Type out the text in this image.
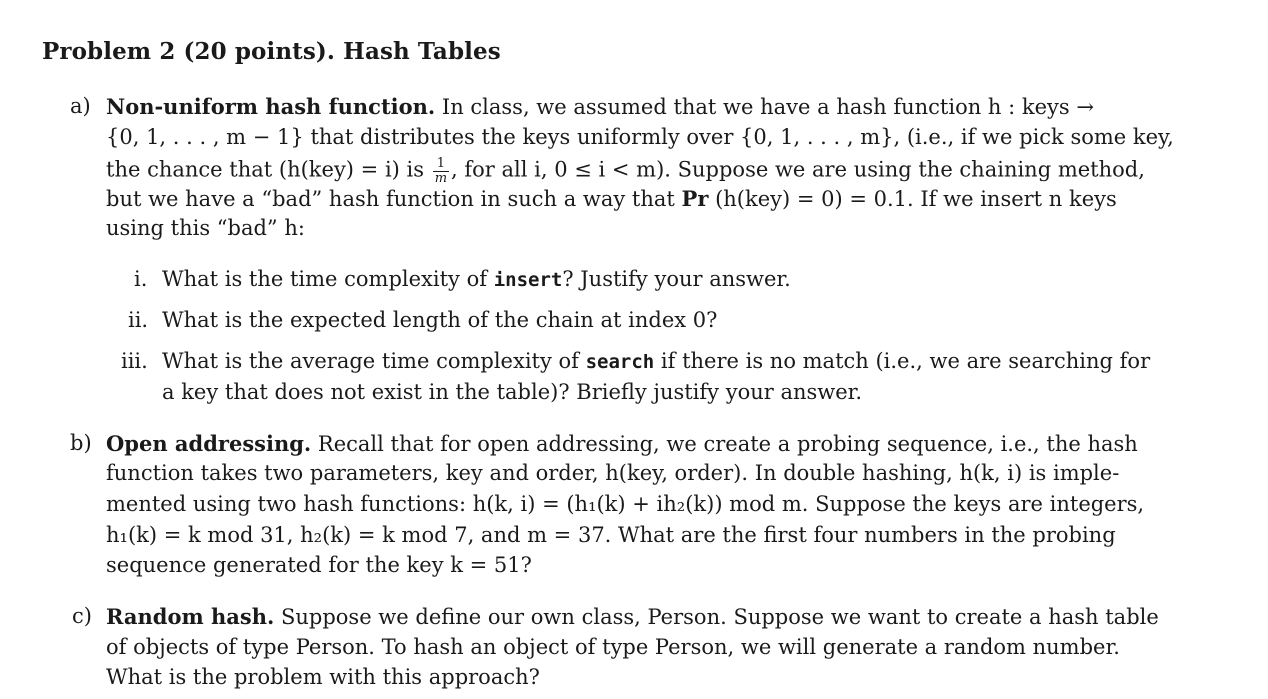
Problem 2 (20 points). Hash Tables
a) Non-uniform hash function. In class, we assumed that we have a hash function h : keys →
{0, 1, . . . , m − 1} that distributes the keys uniformly over {0, 1, . . . , m}, (i.e., if we pick some key,
the chance that (h(key) = i) is $\frac{1}{m}$ , for all i, 0 ≤ i < m). Suppose we are using the chaining method,
but we have a “bad” hash function in such a way that Pr (h(key) = 0) = 0.1. If we insert n keys
using this “bad” h:
i. What is the time complexity of insert? Justify your answer.
ii. What is the expected length of the chain at index 0?
iii. What is the average time complexity of search if there is no match (i.e., we are searching for
a key that does not exist in the table)? Briefly justify your answer.
b) Open addressing. Recall that for open addressing, we create a probing sequence, i.e., the hash
function takes two parameters, key and order, h(key, order). In double hashing, h(k, i) is imple-
mented using two hash functions: h(k, i) = (h₁(k) + ih₂(k)) mod m. Suppose the keys are integers,
h₁(k) = k mod 31, h₂(k) = k mod 7, and m = 37. What are the first four numbers in the probing
sequence generated for the key k = 51?
c) Random hash. Suppose we define our own class, Person. Suppose we want to create a hash table
of objects of type Person. To hash an object of type Person, we will generate a random number.
What is the problem with this approach?
